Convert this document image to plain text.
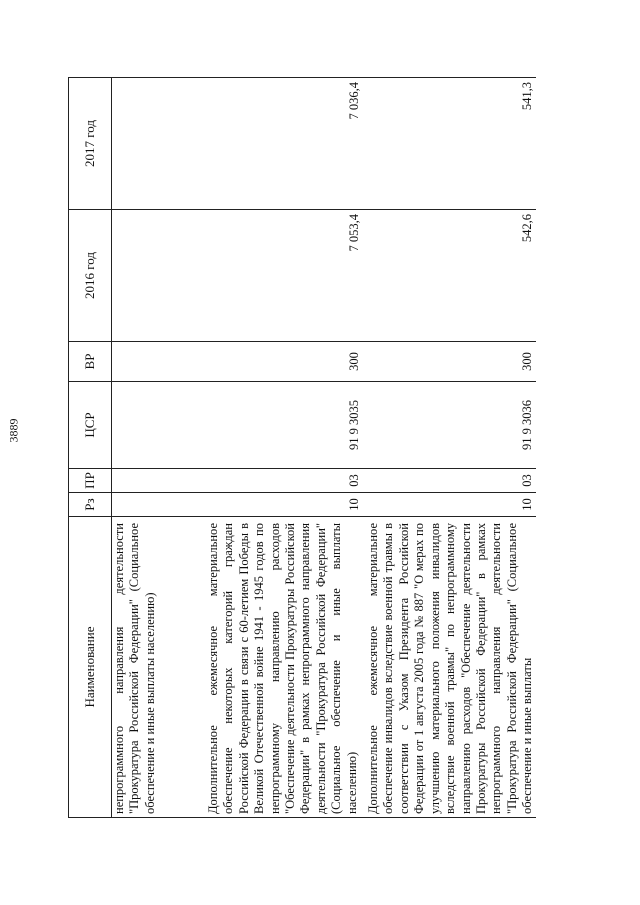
3889
Наименование	Рз	ПР	ЦСР	ВР	2016 год	2017 год
непрограммного направления деятельности "Прокуратура Российской Федерации" (Социальное обеспечение и иные выплаты населению)						
Дополнительное ежемесячное материальное обеспечение некоторых категорий граждан Российской Федерации в связи с 60-летием Победы в Великой Отечественной войне 1941 - 1945 годов по непрограммному направлению расходов "Обеспечение деятельности Прокуратуры Российской Федерации" в рамках непрограммного направления деятельности "Прокуратура Российской Федерации" (Социальное обеспечение и иные выплаты населению)	10	03	91 9 3035	300	7 053,4	7 036,4
Дополнительное ежемесячное материальное обеспечение инвалидов вследствие военной травмы в соответствии с Указом Президента Российской Федерации от 1 августа 2005 года № 887 "О мерах по улучшению материального положения инвалидов вследствие военной травмы" по непрограммному направлению расходов "Обеспечение деятельности Прокуратуры Российской Федерации" в рамках непрограммного направления деятельности "Прокуратура Российской Федерации" (Социальное обеспечение и иные выплаты	10	03	91 9 3036	300	542,6	541,3
